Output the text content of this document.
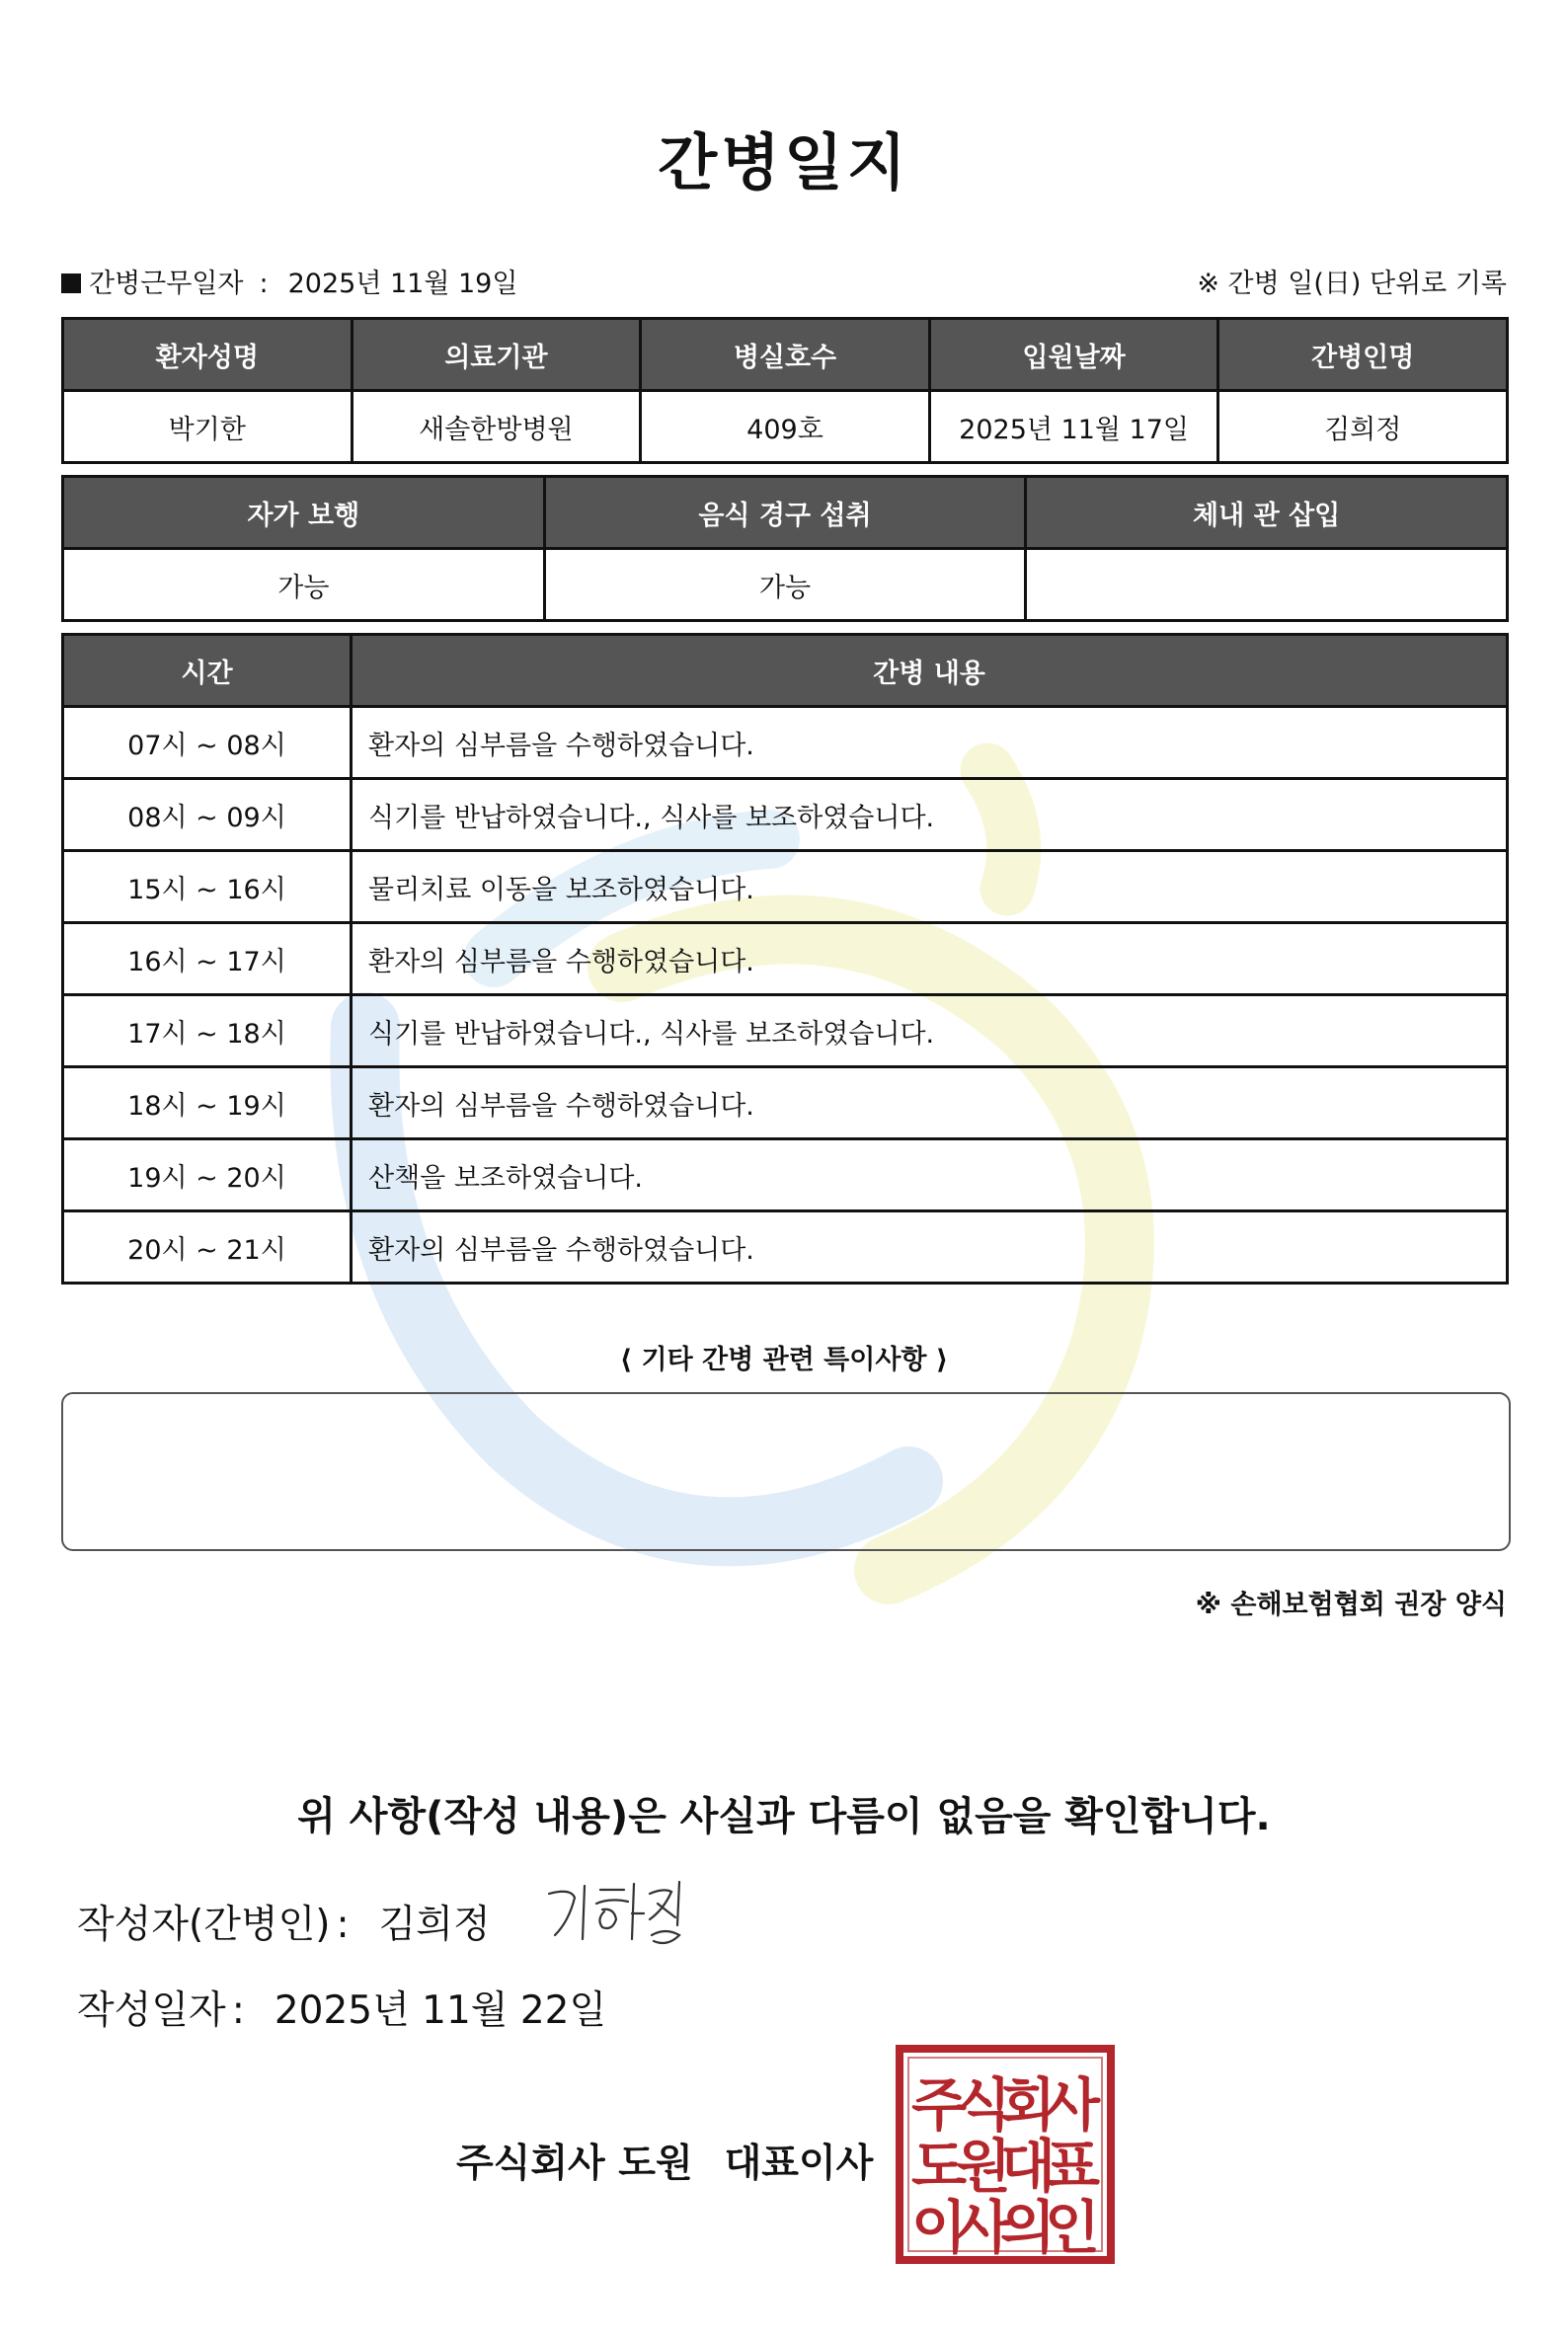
간병일지
간병근무일자 : 2025년 11월 19일	※ 간병 일(日) 단위로 기록
환자성명	의료기관	병실호수	입원날짜	간병인명
박기한	새솔한방병원	409호	2025년 11월 17일	김희정
자가 보행	음식 경구 섭취	체내 관 삽입
가능	가능	
시간	간병 내용
07시 ~ 08시	환자의 심부름을 수행하였습니다.
08시 ~ 09시	식기를 반납하였습니다., 식사를 보조하였습니다.
15시 ~ 16시	물리치료 이동을 보조하였습니다.
16시 ~ 17시	환자의 심부름을 수행하였습니다.
17시 ~ 18시	식기를 반납하였습니다., 식사를 보조하였습니다.
18시 ~ 19시	환자의 심부름을 수행하였습니다.
19시 ~ 20시	산책을 보조하였습니다.
20시 ~ 21시	환자의 심부름을 수행하였습니다.
⟨ 기타 간병 관련 특이사항 ⟩
※ 손해보험협회 권장 양식
위 사항(작성 내용)은 사실과 다름이 없음을 확인합니다.
작성자(간병인) : 김희정
작성일자 : 2025년 11월 22일
주식회사 도원 대표이사
주
식
회
사
도
원
대
표
이
사
의
인
